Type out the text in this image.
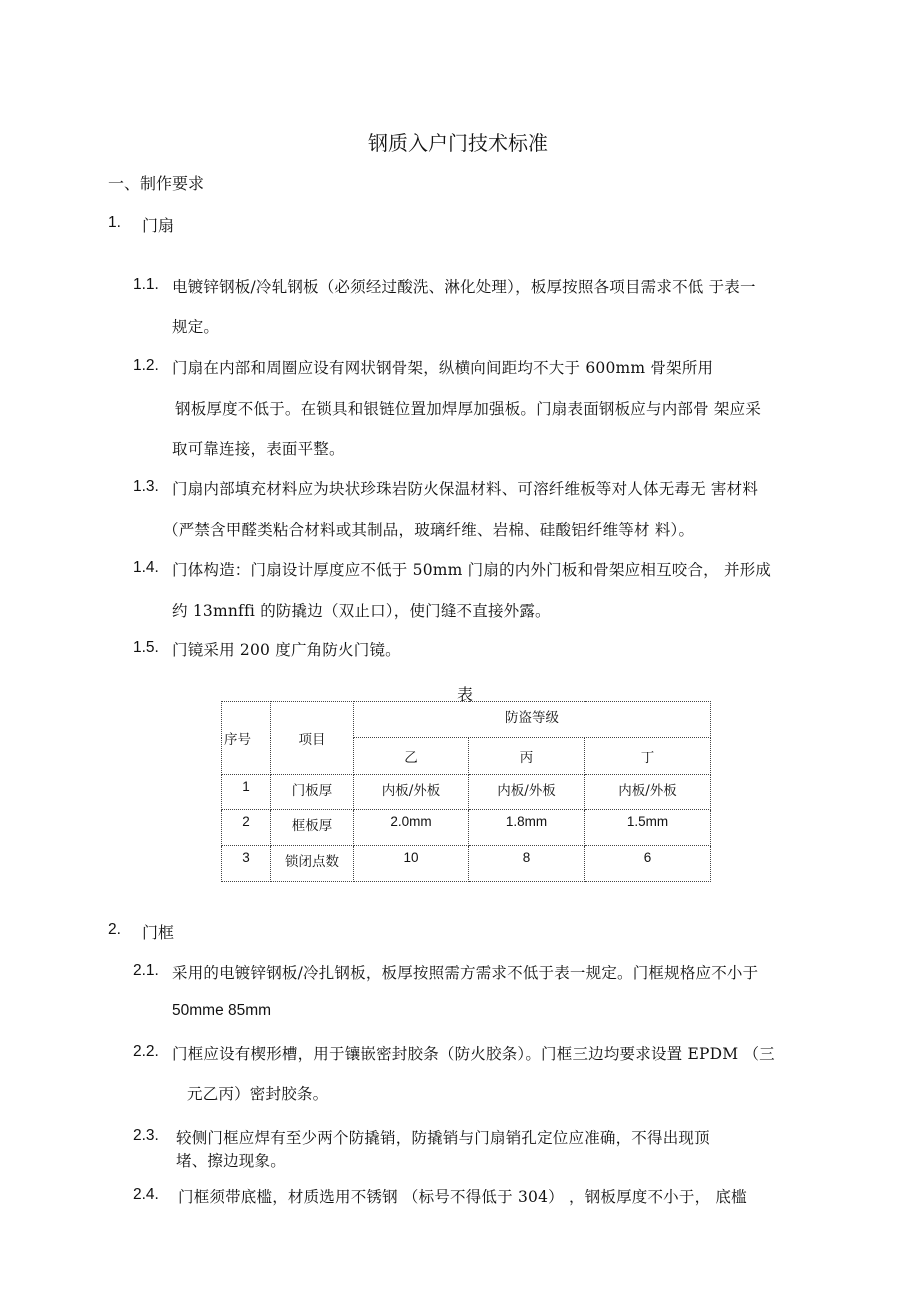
钢质入户门技术标准
一、制作要求
1. 门扇
1.1. 电镀锌钢板/冷轧钢板（必须经过酸洗、淋化处理），板厚按照各项目需求不低 于表一
规定。
1.2. 门扇在内部和周圈应设有网状钢骨架，纵横向间距均不大于 600mm 骨架所用
钢板厚度不低于。在锁具和银链位置加焊厚加强板。门扇表面钢板应与内部骨 架应采
取可靠连接，表面平整。
1.3. 门扇内部填充材料应为块状珍珠岩防火保温材料、可溶纤维板等对人体无毒无 害材料
（严禁含甲醛类粘合材料或其制品，玻璃纤维、岩棉、硅酸铝纤维等材 料）。
1.4. 门体构造：门扇设计厚度应不低于 50mm 门扇的内外门板和骨架应相互咬合， 并形成
约 13mnffi 的防撬边（双止口），使门缝不直接外露。
1.5. 门镜采用 200 度广角防火门镜。
表
序号	项目	防盗等级		

		乙	丙	丁

1	门板厚	内板/外板	内板/外板	内板/外板

2	框板厚	2.0mm	1.8mm	1.5mm

3	锁闭点数	10	8	6
2. 门框
2.1. 采用的电镀锌钢板/冷扎钢板，板厚按照需方需求不低于表一规定。门框规格应不小于
50mme 85mm
2.2. 门框应设有楔形槽，用于镶嵌密封胶条（防火胶条）。门框三边均要求设置 EPDM （三
元乙丙）密封胶条。
2.3. 较侧门框应焊有至少两个防撬销，防撬销与门扇销孔定位应准确，不得出现顶
堵、擦边现象。
2.4. 门框须带底槛，材质选用不锈钢 （标号不得低于 304） ，钢板厚度不小于， 底槛
